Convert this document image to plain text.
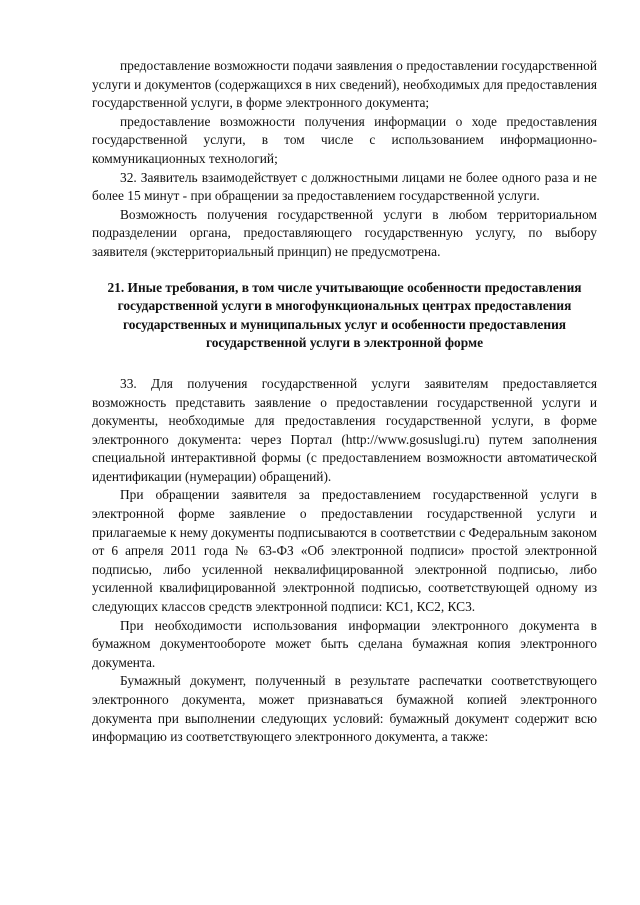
предоставление возможности подачи заявления о предоставлении государственной услуги и документов (содержащихся в них сведений), необходимых для предоставления государственной услуги, в форме электронного документа;

предоставление возможности получения информации о ходе предоставления государственной услуги, в том числе с использованием информационно-коммуникационных технологий;

32. Заявитель взаимодействует с должностными лицами не более одного раза и не более 15 минут - при обращении за предоставлением государственной услуги.

Возможность получения государственной услуги в любом территориальном подразделении органа, предоставляющего государственную услугу, по выбору заявителя (экстерриториальный принцип) не предусмотрена.

21. Иные требования, в том числе учитывающие особенности предоставления государственной услуги в многофункциональных центрах предоставления государственных и муниципальных услуг и особенности предоставления государственной услуги в электронной форме

33. Для получения государственной услуги заявителям предоставляется возможность представить заявление о предоставлении государственной услуги и документы, необходимые для предоставления государственной услуги, в форме электронного документа: через Портал (http://www.gosuslugi.ru) путем заполнения специальной интерактивной формы (с предоставлением возможности автоматической идентификации (нумерации) обращений).

При обращении заявителя за предоставлением государственной услуги в электронной форме заявление о предоставлении государственной услуги и прилагаемые к нему документы подписываются в соответствии с Федеральным законом от 6 апреля 2011 года № 63-ФЗ «Об электронной подписи» простой электронной подписью, либо усиленной неквалифицированной электронной подписью, либо усиленной квалифицированной электронной подписью, соответствующей одному из следующих классов средств электронной подписи: КС1, КС2, КС3.

При необходимости использования информации электронного документа в бумажном документообороте может быть сделана бумажная копия электронного документа.

Бумажный документ, полученный в результате распечатки соответствующего электронного документа, может признаваться бумажной копией электронного документа при выполнении следующих условий: бумажный документ содержит всю информацию из соответствующего электронного документа, а также:
